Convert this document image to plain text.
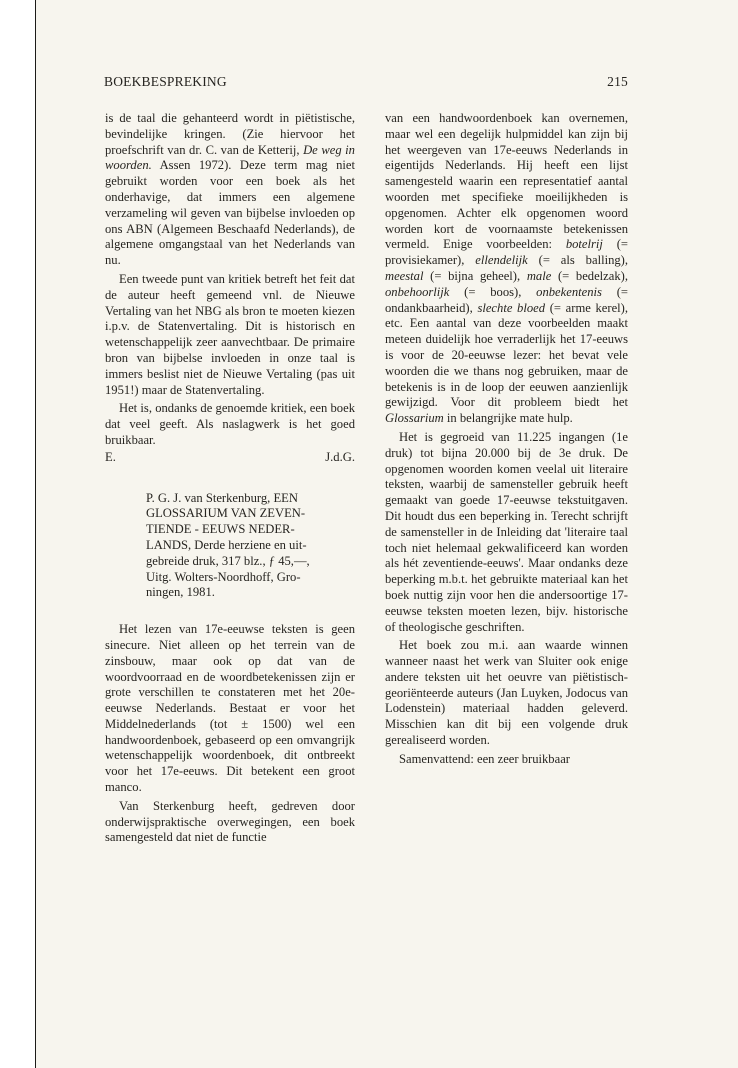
BOEKBESPREKING	215

is de taal die gehanteerd wordt in piëtistische, bevindelijke kringen. (Zie hiervoor het proefschrift van dr. C. van de Ketterij, De weg in woorden. Assen 1972). Deze term mag niet gebruikt worden voor een boek als het onderhavige, dat immers een algemene verzameling wil geven van bijbelse invloeden op ons ABN (Algemeen Beschaafd Nederlands), de algemene omgangstaal van het Nederlands van nu.

Een tweede punt van kritiek betreft het feit dat de auteur heeft gemeend vnl. de Nieuwe Vertaling van het NBG als bron te moeten kiezen i.p.v. de Statenvertaling. Dit is historisch en wetenschappelijk zeer aanvechtbaar. De primaire bron van bijbelse invloeden in onze taal is immers beslist niet de Nieuwe Vertaling (pas uit 1951!) maar de Statenvertaling.

Het is, ondanks de genoemde kritiek, een boek dat veel geeft. Als naslagwerk is het goed bruikbaar.

E.	J.d.G.
P. G. J. van Sterkenburg, EEN
GLOSSARIUM VAN ZEVEN-
TIENDE - EEUWS NEDER-
LANDS, Derde herziene en uit-
gebreide druk, 317 blz., ƒ 45,—,
Uitg. Wolters-Noordhoff, Gro-
ningen, 1981.

Het lezen van 17e-eeuwse teksten is geen sinecure. Niet alleen op het terrein van de zinsbouw, maar ook op dat van de woordvoorraad en de woordbetekenissen zijn er grote verschillen te constateren met het 20e-eeuwse Nederlands. Bestaat er voor het Middelnederlands (tot ± 1500) wel een handwoordenboek, gebaseerd op een omvangrijk wetenschappelijk woordenboek, dit ontbreekt voor het 17e-eeuws. Dit betekent een groot manco.

Van Sterkenburg heeft, gedreven door onderwijspraktische overwegingen, een boek samengesteld dat niet de functie

van een handwoordenboek kan overnemen, maar wel een degelijk hulpmiddel kan zijn bij het weergeven van 17e-eeuws Nederlands in eigentijds Nederlands. Hij heeft een lijst samengesteld waarin een representatief aantal woorden met specifieke moeilijkheden is opgenomen. Achter elk opgenomen woord worden kort de voornaamste betekenissen vermeld. Enige voorbeelden: botelrij (= provisiekamer), ellendelijk (= als balling), meestal (= bijna geheel), male (= bedelzak), onbehoorlijk (= boos), onbekentenis (= ondankbaarheid), slechte bloed (= arme kerel), etc. Een aantal van deze voorbeelden maakt meteen duidelijk hoe verraderlijk het 17-eeuws is voor de 20-eeuwse lezer: het bevat vele woorden die we thans nog gebruiken, maar de betekenis is in de loop der eeuwen aanzienlijk gewijzigd. Voor dit probleem biedt het Glossarium in belangrijke mate hulp.

Het is gegroeid van 11.225 ingangen (1e druk) tot bijna 20.000 bij de 3e druk. De opgenomen woorden komen veelal uit literaire teksten, waarbij de samensteller gebruik heeft gemaakt van goede 17-eeuwse tekstuitgaven. Dit houdt dus een beperking in. Terecht schrijft de samensteller in de Inleiding dat 'literaire taal toch niet helemaal gekwalificeerd kan worden als hét zeventiende-eeuws'. Maar ondanks deze beperking m.b.t. het gebruikte materiaal kan het boek nuttig zijn voor hen die andersoortige 17-eeuwse teksten moeten lezen, bijv. historische of theologische geschriften.

Het boek zou m.i. aan waarde winnen wanneer naast het werk van Sluiter ook enige andere teksten uit het oeuvre van piëtistisch-georiënteerde auteurs (Jan Luyken, Jodocus van Lodenstein) materiaal hadden geleverd. Misschien kan dit bij een volgende druk gerealiseerd worden.

Samenvattend: een zeer bruikbaar
